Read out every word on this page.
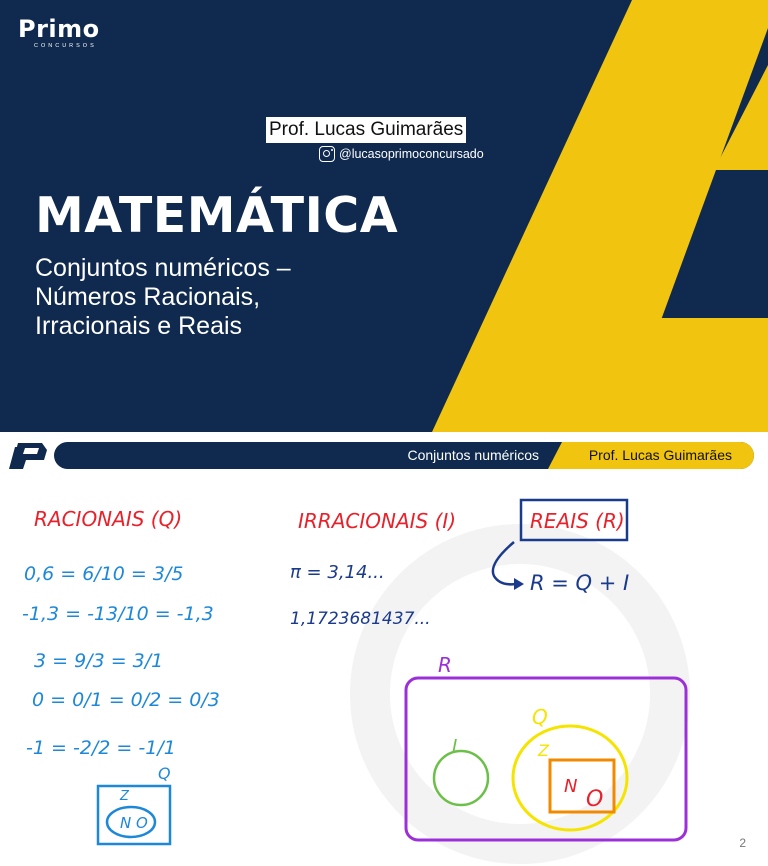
Primo
CONCURSOS
Prof. Lucas Guimarães
@lucasoprimoconcursado
MATEMÁTICA
Conjuntos numéricos –
Números Racionais,
Irracionais e Reais
Conjuntos numéricos	Prof. Lucas Guimarães
RACIONAIS (Q)
0,6 = 6/10 = 3/5
-1,3 = -13/10 = -1,3
3 = 9/3 = 3/1
0 = 0/1 = 0/2 = 0/3
-1 = -2/2 = -1/1
Q
Z
N O
IRRACIONAIS (I)
π = 3,14...
1,1723681437...
REAIS (R)
R = Q + I
R
I
Q
Z
N
O
2
